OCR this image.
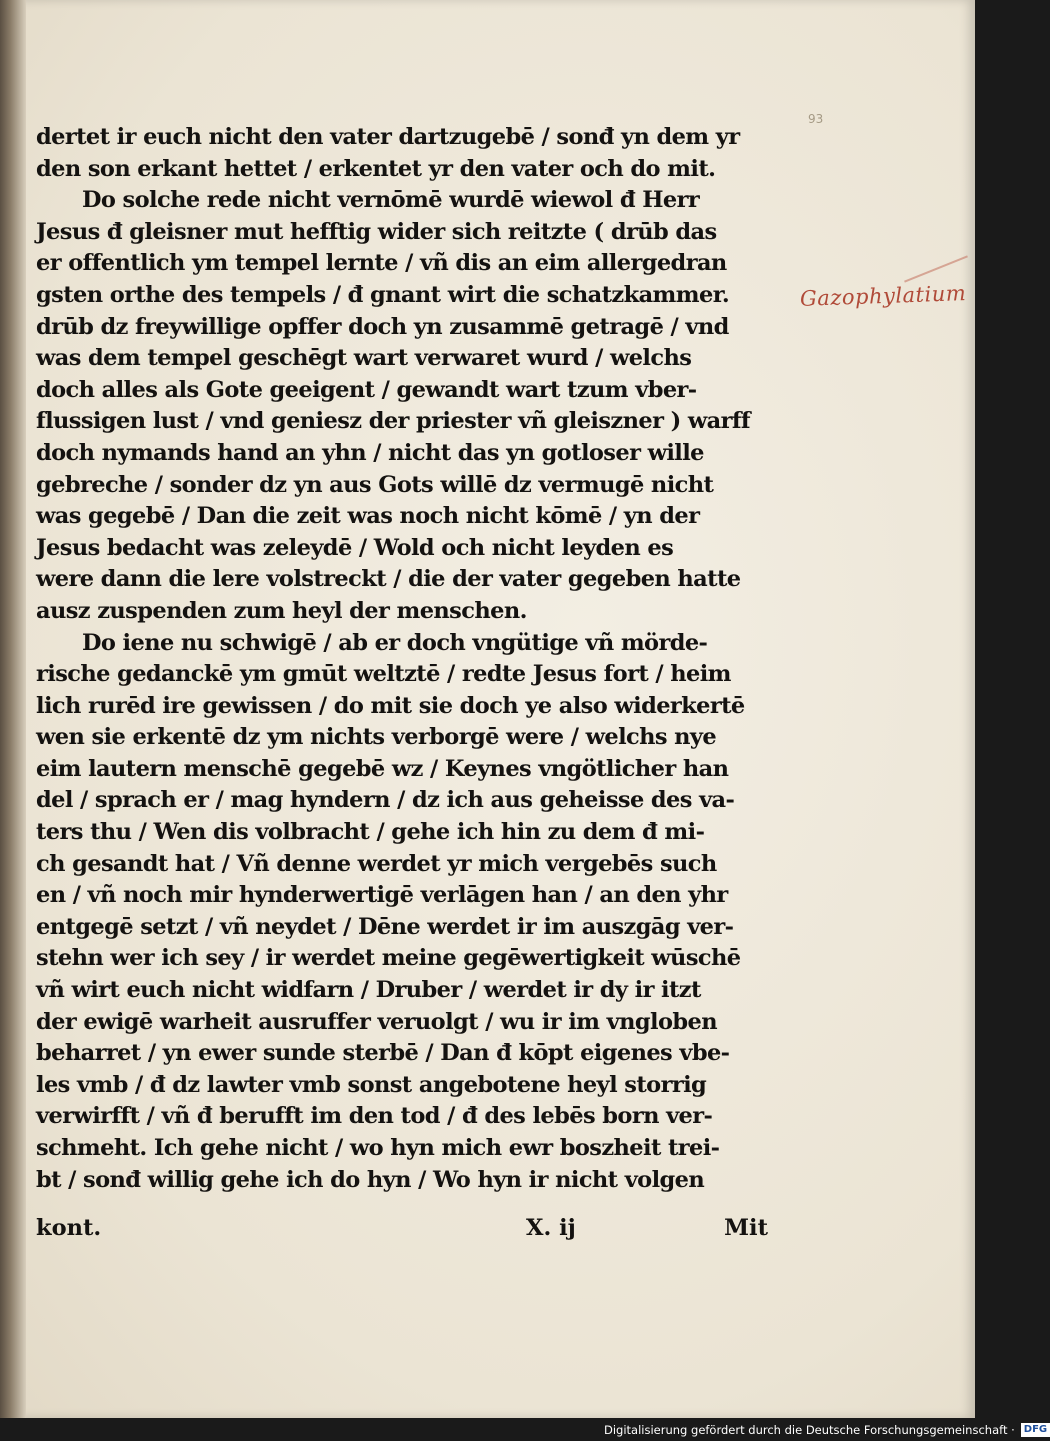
93
Gazophylatium
dertet ir euch nicht den vater dartzugebē / sonđ yn dem yr
den son erkant hettet / erkentet yr den vater och do mit.
Do solche rede nicht vernōmē wurdē wiewol đ Herr
Jesus đ gleisner mut hefftig wider sich reitzte ( drūb das
er offentlich ym tempel lernte / vñ dis an eim allergedran
gsten orthe des tempels / đ gnant wirt die schatzkammer.
drūb dz freywillige opffer doch yn zusammē getragē / vnd
was dem tempel geschēgt wart verwaret wurd / welchs
doch alles als Gote geeigent / gewandt wart tzum vber-
flussigen lust / vnd geniesz der priester vñ gleiszner ) warff
doch nymands hand an yhn / nicht das yn gotloser wille
gebreche / sonder dz yn aus Gots willē dz vermugē nicht
was gegebē / Dan die zeit was noch nicht kōmē / yn der
Jesus bedacht was zeleydē / Wold och nicht leyden es
were dann die lere volstreckt / die der vater gegeben hatte
ausz zuspenden zum heyl der menschen.
Do iene nu schwigē / ab er doch vngütige vñ mörde-
rische gedanckē ym gmūt weltztē / redte Jesus fort / heim
lich rurēd ire gewissen / do mit sie doch ye also widerkertē
wen sie erkentē dz ym nichts verborgē were / welchs nye
eim lautern menschē gegebē wz / Keynes vngötlicher han
del / sprach er / mag hyndern / dz ich aus geheisse des va-
ters thu / Wen dis volbracht / gehe ich hin zu dem đ mi-
ch gesandt hat / Vñ denne werdet yr mich vergebēs such
en / vñ noch mir hynderwertigē verlāgen han / an den yhr
entgegē setzt / vñ neydet / Dēne werdet ir im auszgāg ver-
stehn wer ich sey / ir werdet meine gegēwertigkeit wūschē
vñ wirt euch nicht widfarn / Druber / werdet ir dy ir itzt
der ewigē warheit ausruffer veruolgt / wu ir im vngloben
beharret / yn ewer sunde sterbē / Dan đ kōpt eigenes vbe-
les vmb / đ dz lawter vmb sonst angebotene heyl storrig
verwirfft / vñ đ berufft im den tod / đ des lebēs born ver-
schmeht. Ich gehe nicht / wo hyn mich ewr boszheit trei-
bt / sonđ willig gehe ich do hyn / Wo hyn ir nicht volgen
kont.	X. ij	Mit
Digitalisierung gefördert durch die Deutsche Forschungsgemeinschaft · DFG
